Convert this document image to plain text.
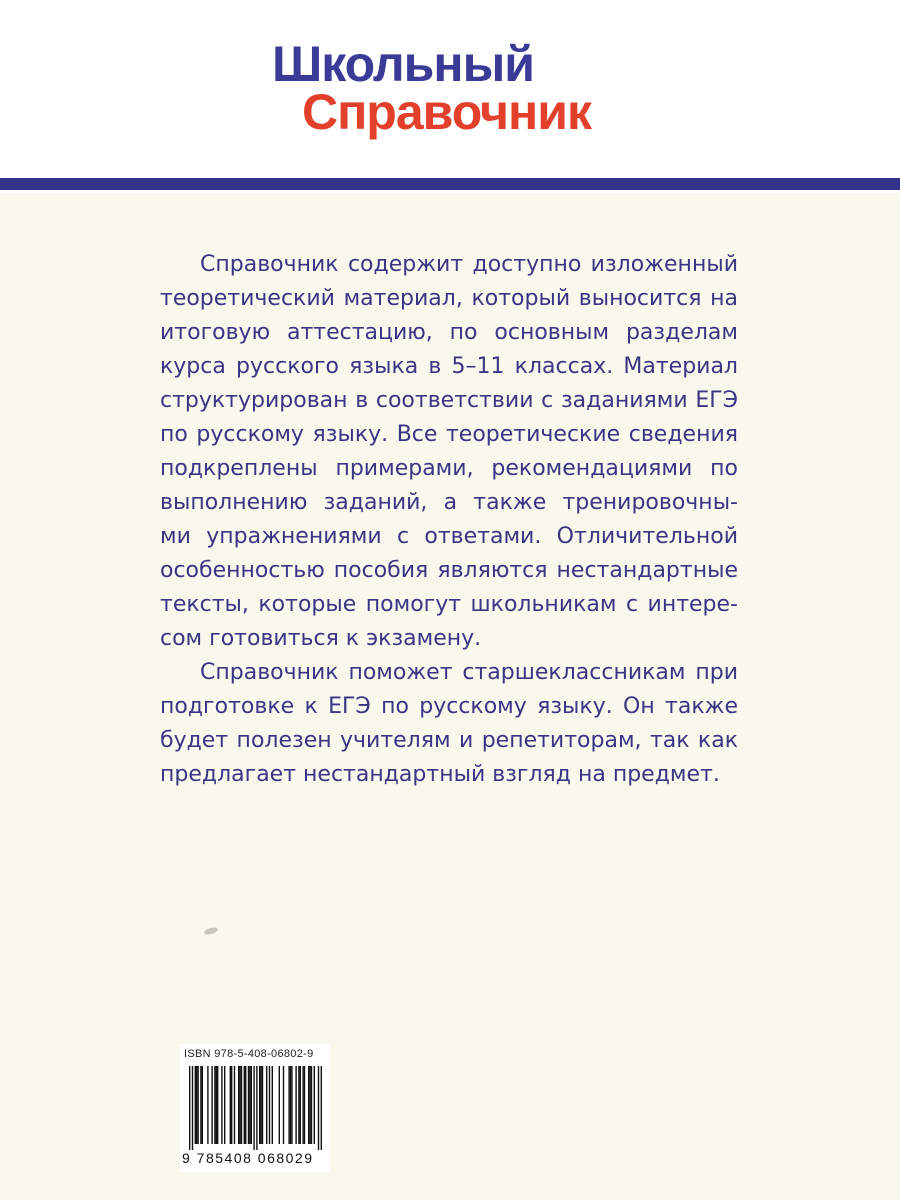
Школьный
Справочник

Справочник содержит доступно изложенный
теоретический материал, который выносится на
итоговую аттестацию, по основным разделам
курса русского языка в 5–11 классах. Материал
структурирован в соответствии с заданиями ЕГЭ
по русскому языку. Все теоретические сведения
подкреплены примерами, рекомендациями по
выполнению заданий, а также тренировочны-
ми упражнениями с ответами. Отличительной
особенностью пособия являются нестандартные
тексты, которые помогут школьникам с интере-
сом готовиться к экзамену.

Справочник поможет старшеклассникам при
подготовке к ЕГЭ по русскому языку. Он также
будет полезен учителям и репетиторам, так как
предлагает нестандартный взгляд на предмет.

ISBN 978-5-408-06802-9
9 785408 068029
